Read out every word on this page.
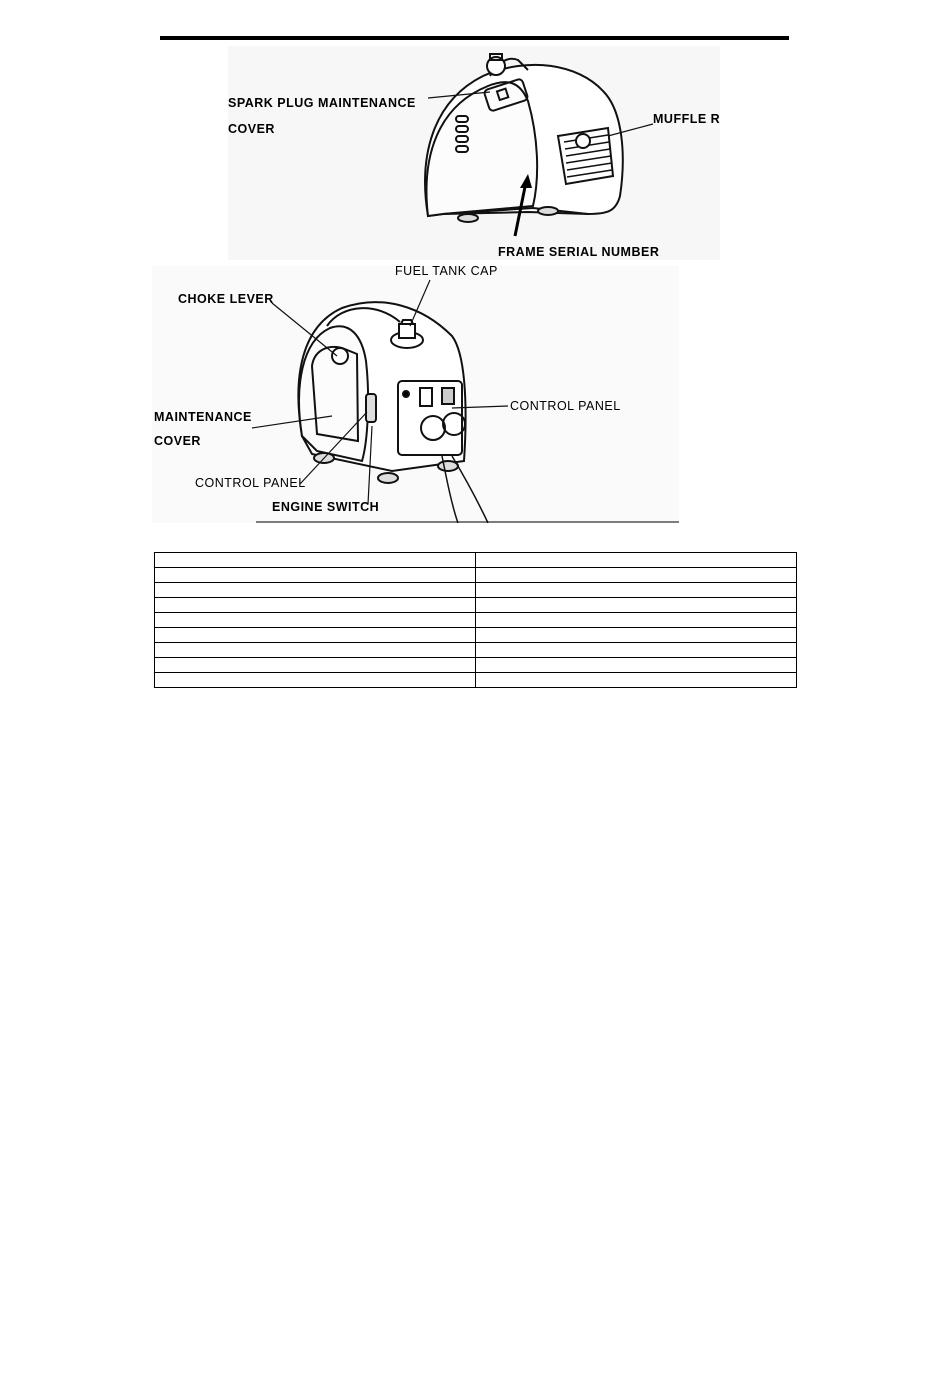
SPARK PLUG MAINTENANCE
COVER
MUFFLE R
FRAME SERIAL NUMBER
FUEL TANK CAP
CHOKE LEVER
MAINTENANCE
COVER
CONTROL PANEL
CONTROL PANEL
ENGINE SWITCH
